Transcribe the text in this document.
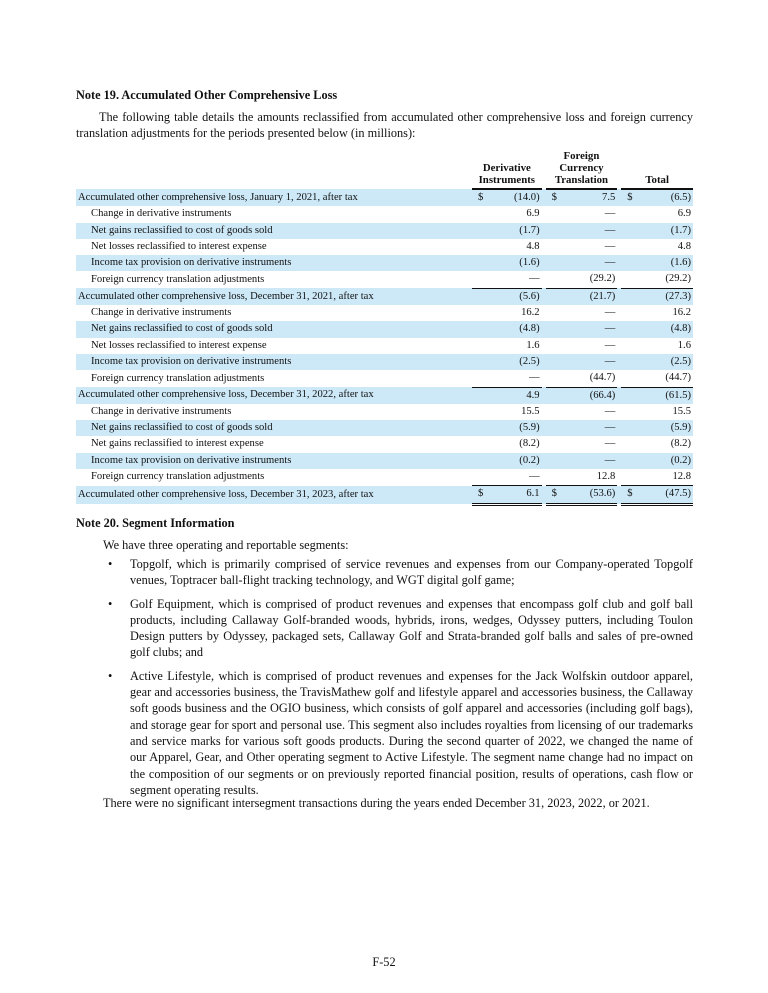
Note 19. Accumulated Other Comprehensive Loss
The following table details the amounts reclassified from accumulated other comprehensive loss and foreign currency translation adjustments for the periods presented below (in millions):
	Derivative
Instruments			Foreign
Currency
Translation			Total	
Accumulated other comprehensive loss, January 1, 2021, after tax	$	(14.0)		$	7.5		$	(6.5)
Change in derivative instruments		6.9			—			6.9
Net gains reclassified to cost of goods sold		(1.7)			—			(1.7)
Net losses reclassified to interest expense		4.8			—			4.8
Income tax provision on derivative instruments		(1.6)			—			(1.6)
Foreign currency translation adjustments		—			(29.2)			(29.2)
Accumulated other comprehensive loss, December 31, 2021, after tax		(5.6)			(21.7)			(27.3)
Change in derivative instruments		16.2			—			16.2
Net gains reclassified to cost of goods sold		(4.8)			—			(4.8)
Net losses reclassified to interest expense		1.6			—			1.6
Income tax provision on derivative instruments		(2.5)			—			(2.5)
Foreign currency translation adjustments		—			(44.7)			(44.7)
Accumulated other comprehensive loss, December 31, 2022, after tax		4.9			(66.4)			(61.5)
Change in derivative instruments		15.5			—			15.5
Net gains reclassified to cost of goods sold		(5.9)			—			(5.9)
Net gains reclassified to interest expense		(8.2)			—			(8.2)
Income tax provision on derivative instruments		(0.2)			—			(0.2)
Foreign currency translation adjustments		—			12.8			12.8
Accumulated other comprehensive loss, December 31, 2023, after tax	$	6.1		$	(53.6)		$	(47.5)
Note 20. Segment Information
We have three operating and reportable segments:
• Topgolf, which is primarily comprised of service revenues and expenses from our Company-operated Topgolf venues, Toptracer ball-flight tracking technology, and WGT digital golf game;
• Golf Equipment, which is comprised of product revenues and expenses that encompass golf club and golf ball products, including Callaway Golf-branded woods, hybrids, irons, wedges, Odyssey putters, including Toulon Design putters by Odyssey, packaged sets, Callaway Golf and Strata-branded golf balls and sales of pre-owned golf clubs; and
• Active Lifestyle, which is comprised of product revenues and expenses for the Jack Wolfskin outdoor apparel, gear and accessories business, the TravisMathew golf and lifestyle apparel and accessories business, the Callaway soft goods business and the OGIO business, which consists of golf apparel and accessories (including golf bags), and storage gear for sport and personal use. This segment also includes royalties from licensing of our trademarks and service marks for various soft goods products. During the second quarter of 2022, we changed the name of our Apparel, Gear, and Other operating segment to Active Lifestyle. The segment name change had no impact on the composition of our segments or on previously reported financial position, results of operations, cash flow or segment operating results.
There were no significant intersegment transactions during the years ended December 31, 2023, 2022, or 2021.
F-52
